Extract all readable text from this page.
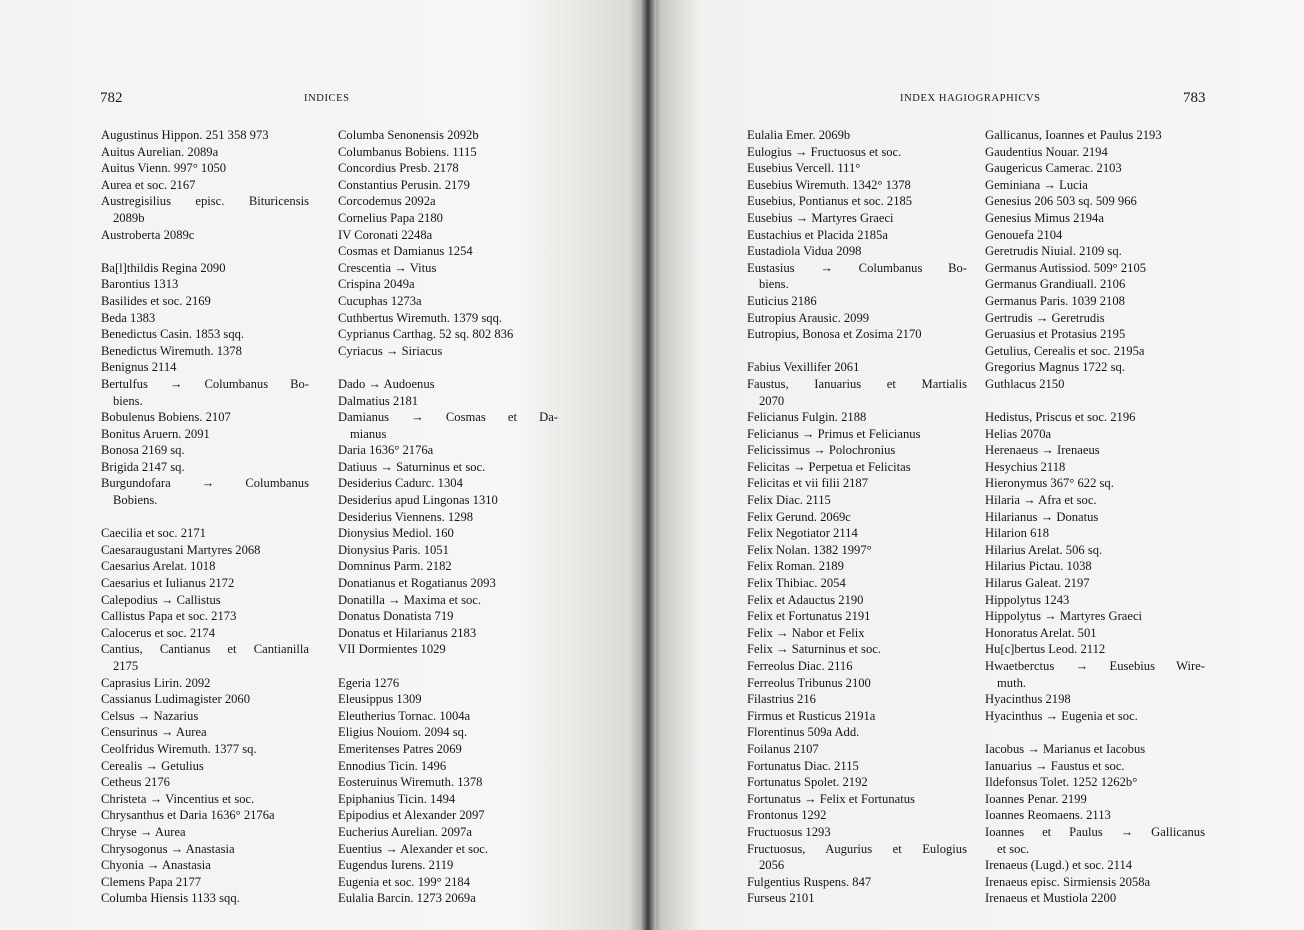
782	INDICES
Augustinus Hippon. 251 358 973
Auitus Aurelian. 2089a
Auitus Vienn. 997° 1050
Aurea et soc. 2167
Austregisilius episc. Bituricensis
2089b
Austroberta 2089c
Ba[l]thildis Regina 2090
Barontius 1313
Basilides et soc. 2169
Beda 1383
Benedictus Casin. 1853 sqq.
Benedictus Wiremuth. 1378
Benignus 2114
Bertulfus → Columbanus Bo-
biens.
Bobulenus Bobiens. 2107
Bonitus Aruern. 2091
Bonosa 2169 sq.
Brigida 2147 sq.
Burgundofara → Columbanus
Bobiens.
Caecilia et soc. 2171
Caesaraugustani Martyres 2068
Caesarius Arelat. 1018
Caesarius et Iulianus 2172
Calepodius → Callistus
Callistus Papa et soc. 2173
Calocerus et soc. 2174
Cantius, Cantianus et Cantianilla
2175
Caprasius Lirin. 2092
Cassianus Ludimagister 2060
Celsus → Nazarius
Censurinus → Aurea
Ceolfridus Wiremuth. 1377 sq.
Cerealis → Getulius
Cetheus 2176
Christeta → Vincentius et soc.
Chrysanthus et Daria 1636° 2176a
Chryse → Aurea
Chrysogonus → Anastasia
Chyonia → Anastasia
Clemens Papa 2177
Columba Hiensis 1133 sqq.
Columba Senonensis 2092b
Columbanus Bobiens. 1115
Concordius Presb. 2178
Constantius Perusin. 2179
Corcodemus 2092a
Cornelius Papa 2180
IV Coronati 2248a
Cosmas et Damianus 1254
Crescentia → Vitus
Crispina 2049a
Cucuphas 1273a
Cuthbertus Wiremuth. 1379 sqq.
Cyprianus Carthag. 52 sq. 802 836
Cyriacus → Siriacus
Dado → Audoenus
Dalmatius 2181
Damianus → Cosmas et Da-
mianus
Daria 1636° 2176a
Datiuus → Saturninus et soc.
Desiderius Cadurc. 1304
Desiderius apud Lingonas 1310
Desiderius Viennens. 1298
Dionysius Mediol. 160
Dionysius Paris. 1051
Domninus Parm. 2182
Donatianus et Rogatianus 2093
Donatilla → Maxima et soc.
Donatus Donatista 719
Donatus et Hilarianus 2183
VII Dormientes 1029
Egeria 1276
Eleusippus 1309
Eleutherius Tornac. 1004a
Eligius Nouiom. 2094 sq.
Emeritenses Patres 2069
Ennodius Ticin. 1496
Eosteruinus Wiremuth. 1378
Epiphanius Ticin. 1494
Epipodius et Alexander 2097
Eucherius Aurelian. 2097a
Euentius → Alexander et soc.
Eugendus Iurens. 2119
Eugenia et soc. 199° 2184
Eulalia Barcin. 1273 2069a
INDEX HAGIOGRAPHICVS	783
Eulalia Emer. 2069b
Eulogius → Fructuosus et soc.
Eusebius Vercell. 111°
Eusebius Wiremuth. 1342° 1378
Eusebius, Pontianus et soc. 2185
Eusebius → Martyres Graeci
Eustachius et Placida 2185a
Eustadiola Vidua 2098
Eustasius → Columbanus Bo-
biens.
Euticius 2186
Eutropius Arausic. 2099
Eutropius, Bonosa et Zosima 2170
Fabius Vexillifer 2061
Faustus, Ianuarius et Martialis
2070
Felicianus Fulgin. 2188
Felicianus → Primus et Felicianus
Felicissimus → Polochronius
Felicitas → Perpetua et Felicitas
Felicitas et vii filii 2187
Felix Diac. 2115
Felix Gerund. 2069c
Felix Negotiator 2114
Felix Nolan. 1382 1997°
Felix Roman. 2189
Felix Thibiac. 2054
Felix et Adauctus 2190
Felix et Fortunatus 2191
Felix → Nabor et Felix
Felix → Saturninus et soc.
Ferreolus Diac. 2116
Ferreolus Tribunus 2100
Filastrius 216
Firmus et Rusticus 2191a
Florentinus 509a Add.
Foilanus 2107
Fortunatus Diac. 2115
Fortunatus Spolet. 2192
Fortunatus → Felix et Fortunatus
Frontonus 1292
Fructuosus 1293
Fructuosus, Augurius et Eulogius
2056
Fulgentius Ruspens. 847
Furseus 2101
Gallicanus, Ioannes et Paulus 2193
Gaudentius Nouar. 2194
Gaugericus Camerac. 2103
Geminiana → Lucia
Genesius 206 503 sq. 509 966
Genesius Mimus 2194a
Genouefa 2104
Geretrudis Niuial. 2109 sq.
Germanus Autissiod. 509° 2105
Germanus Grandiuall. 2106
Germanus Paris. 1039 2108
Gertrudis → Geretrudis
Geruasius et Protasius 2195
Getulius, Cerealis et soc. 2195a
Gregorius Magnus 1722 sq.
Guthlacus 2150
Hedistus, Priscus et soc. 2196
Helias 2070a
Herenaeus → Irenaeus
Hesychius 2118
Hieronymus 367° 622 sq.
Hilaria → Afra et soc.
Hilarianus → Donatus
Hilarion 618
Hilarius Arelat. 506 sq.
Hilarius Pictau. 1038
Hilarus Galeat. 2197
Hippolytus 1243
Hippolytus → Martyres Graeci
Honoratus Arelat. 501
Hu[c]bertus Leod. 2112
Hwaetberctus → Eusebius Wire-
muth.
Hyacinthus 2198
Hyacinthus → Eugenia et soc.
Iacobus → Marianus et Iacobus
Ianuarius → Faustus et soc.
Ildefonsus Tolet. 1252 1262b°
Ioannes Penar. 2199
Ioannes Reomaens. 2113
Ioannes et Paulus → Gallicanus
et soc.
Irenaeus (Lugd.) et soc. 2114
Irenaeus episc. Sirmiensis 2058a
Irenaeus et Mustiola 2200
